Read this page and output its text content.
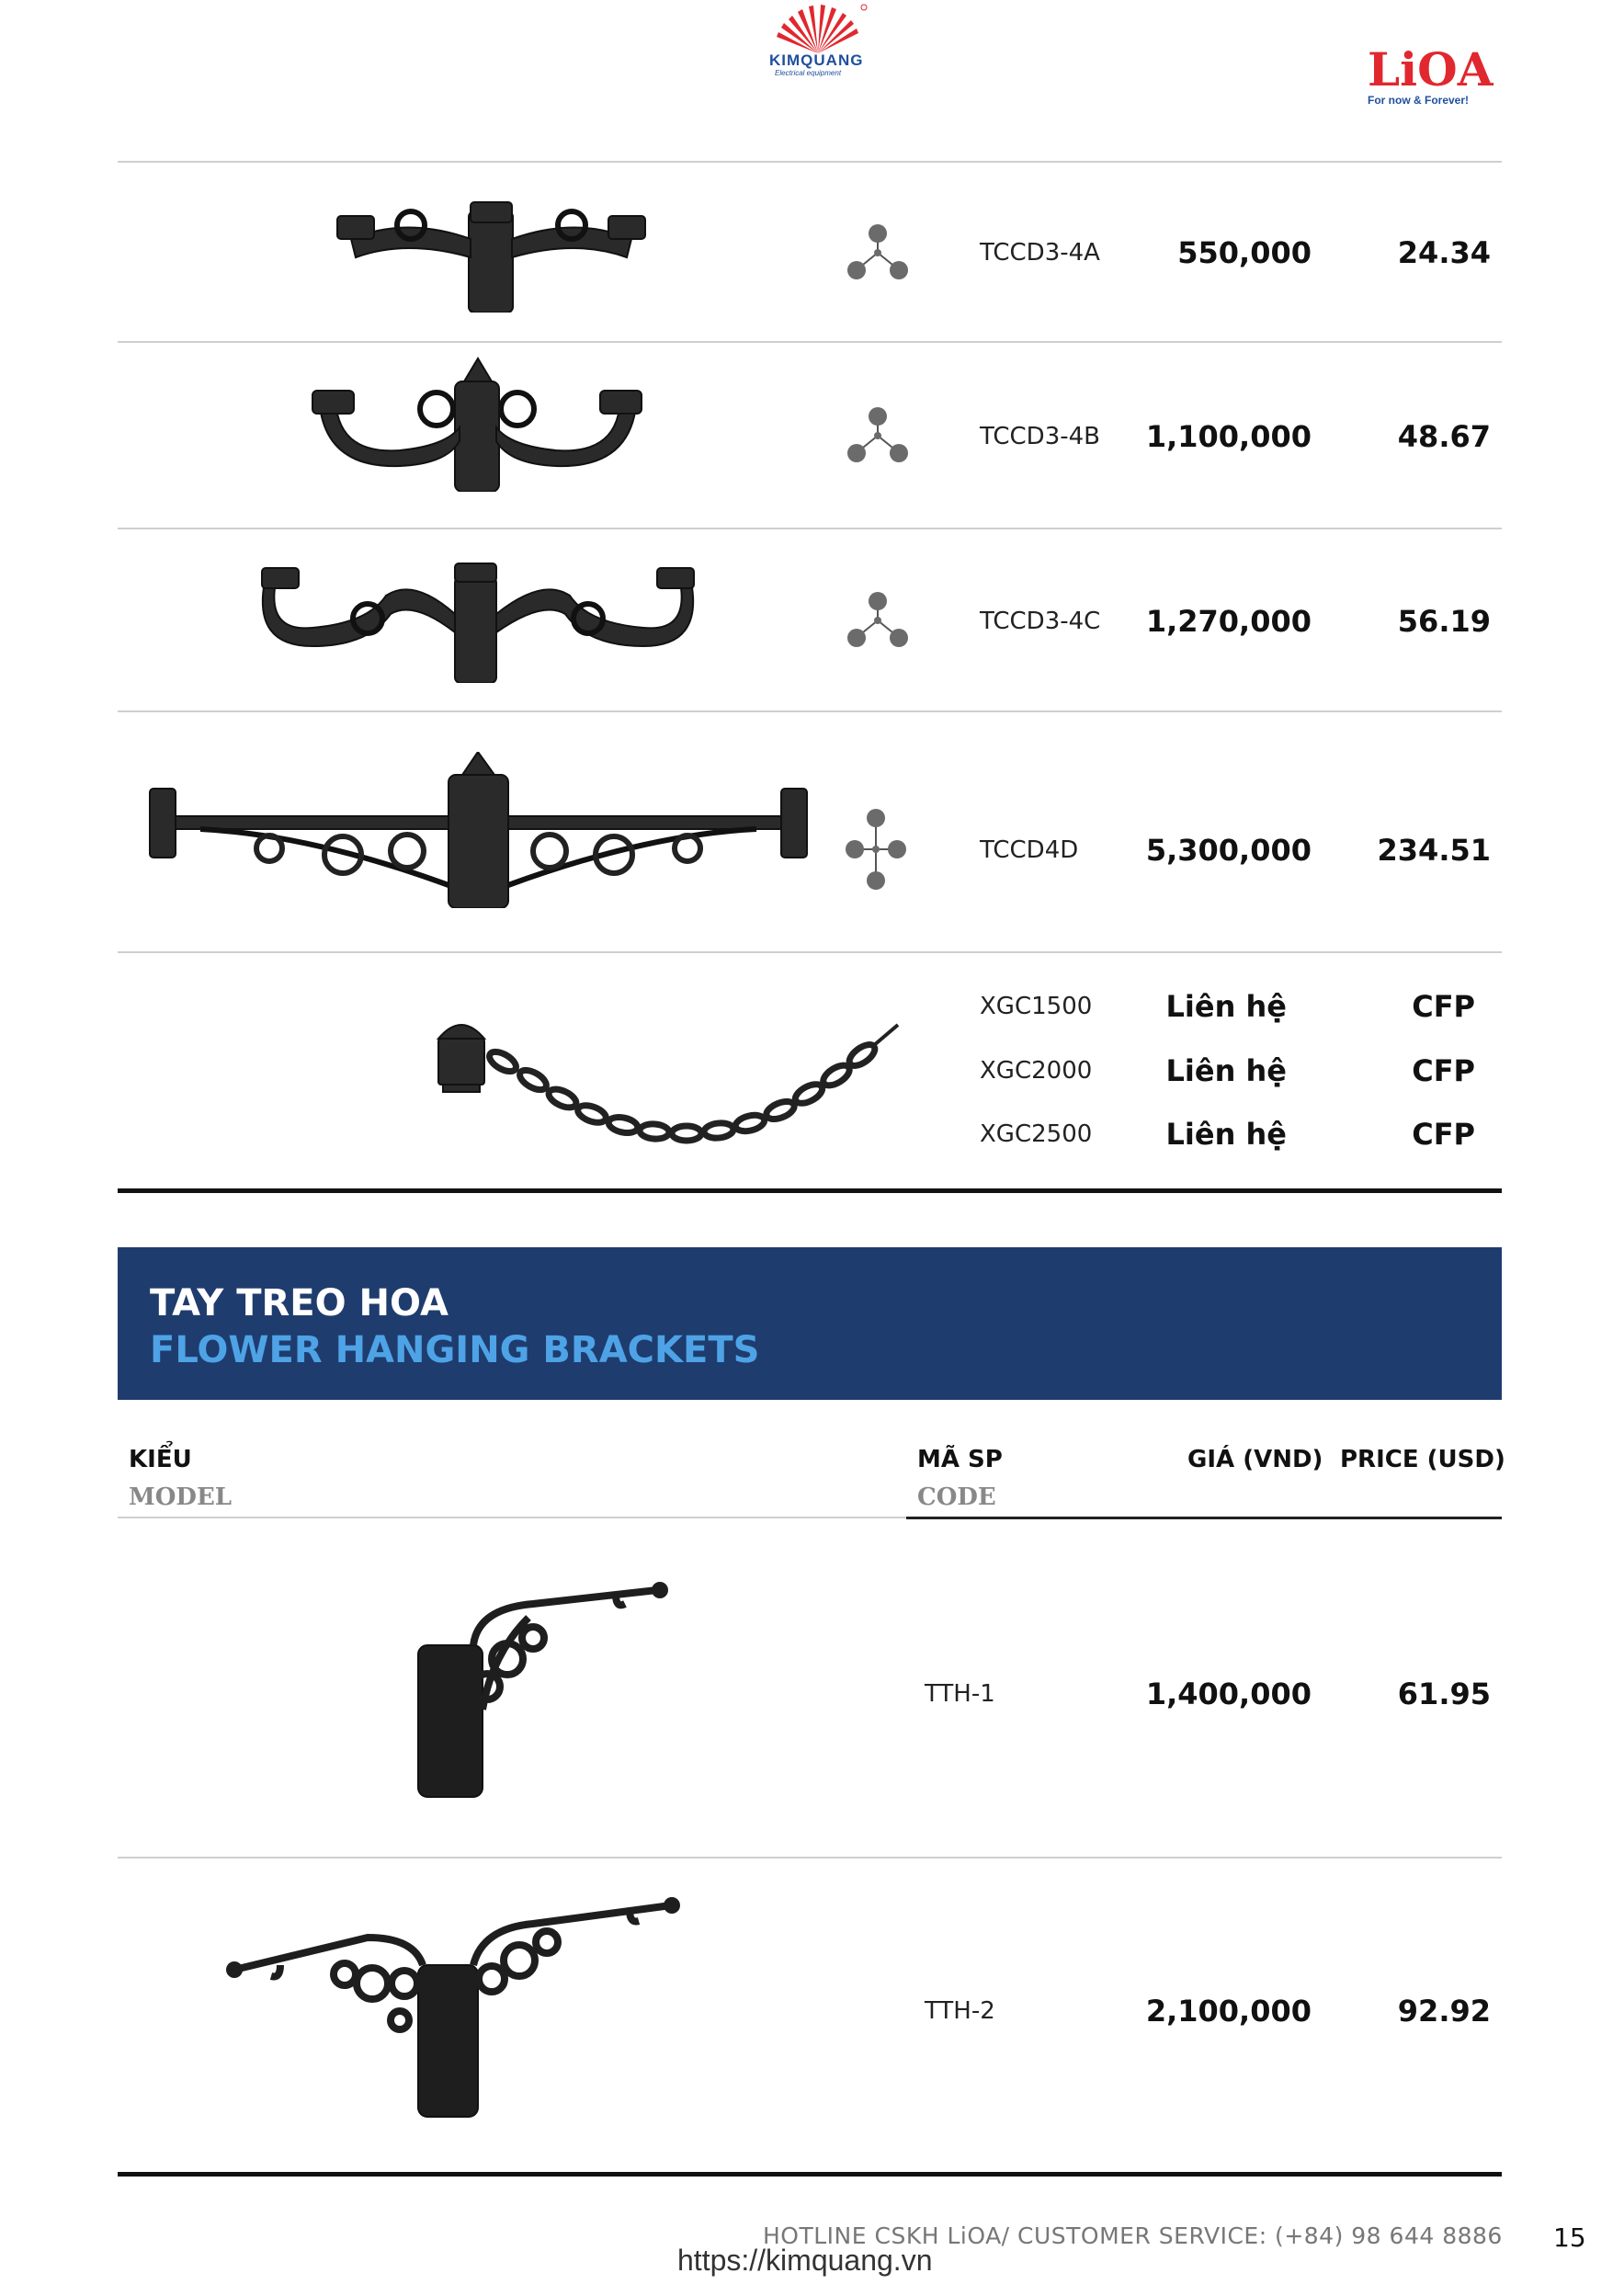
KIMQUANG
Electrical equipment	LiOA
For now & Forever!
TCCD3-4A	550,000	24.34
TCCD3-4B	1,100,000	48.67
TCCD3-4C	1,270,000	56.19
TCCD4D	5,300,000	234.51
XGC1500	Liên hệ	CFP
XGC2000	Liên hệ	CFP
XGC2500	Liên hệ	CFP
TAY TREO HOA
FLOWER HANGING BRACKETS
KIỂU
MODEL
MÃ SP
CODE
GIÁ (VND) PRICE (USD)
TTH-1	1,400,000	61.95
TTH-2	2,100,000	92.92
HOTLINE CSKH LiOA/ CUSTOMER SERVICE: (+84) 98 644 8886 15
https://kimquang.vn
